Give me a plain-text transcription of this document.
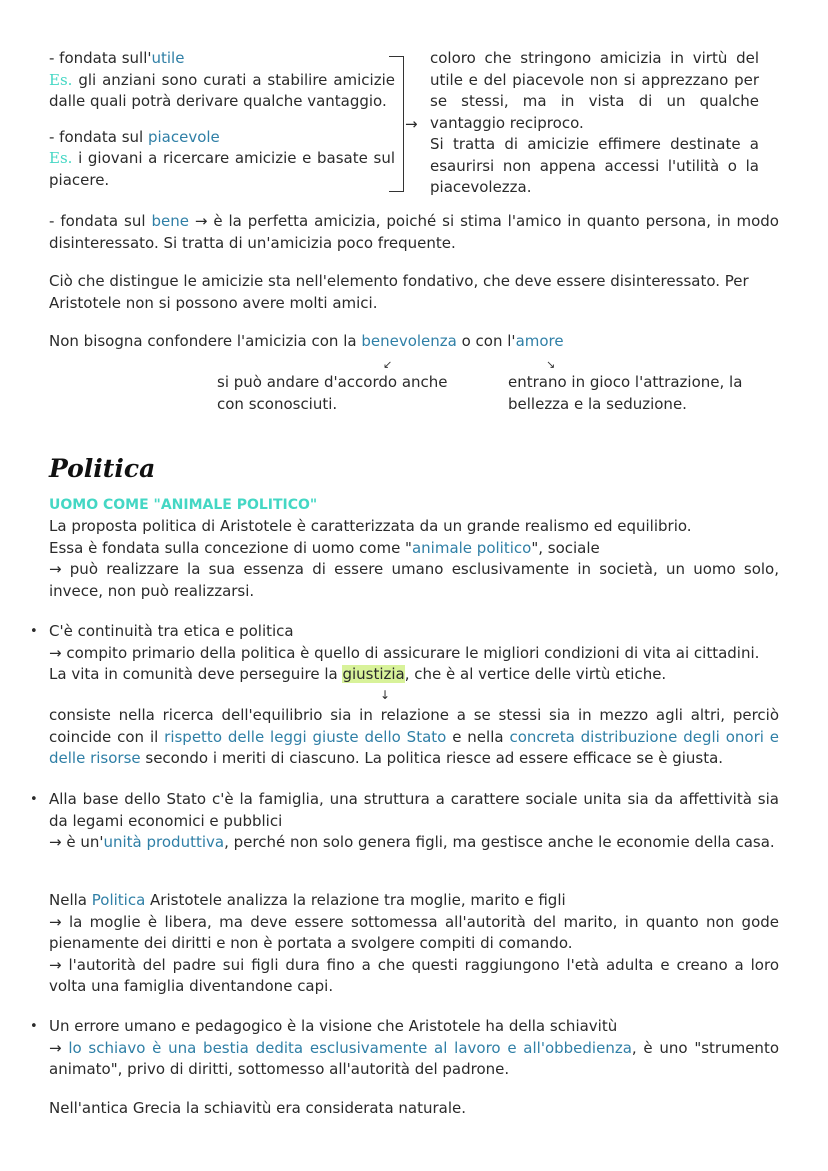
- fondata sull'utile
Es. gli anziani sono curati a stabilire amicizie dalle quali potrà derivare qualche vantaggio.

- fondata sul piacevole
Es. i giovani a ricercare amicizie e basate sul piacere.

→

coloro che stringono amicizia in virtù del utile e del piacevole non si apprezzano per se stessi, ma in vista di un qualche vantaggio reciproco.

Si tratta di amicizie effimere destinate a esaurirsi non appena accessi l'utilità o la piacevolezza.

- fondata sul bene → è la perfetta amicizia, poiché si stima l'amico in quanto persona, in modo disinteressato. Si tratta di un'amicizia poco frequente.

Ciò che distingue le amicizie sta nell'elemento fondativo, che deve essere disinteressato. Per Aristotele non si possono avere molti amici.

Non bisogna confondere l'amicizia con la benevolenza o con l'amore

↙	↘

si può andare d'accordo anche con sconosciuti.

entrano in gioco l'attrazione, la bellezza e la seduzione.

Politica
UOMO COME "ANIMALE POLITICO"

La proposta politica di Aristotele è caratterizzata da un grande realismo ed equilibrio.

Essa è fondata sulla concezione di uomo come "animale politico", sociale

→ può realizzare la sua essenza di essere umano esclusivamente in società, un uomo solo, invece, non può realizzarsi.

• C'è continuità tra etica e politica

→ compito primario della politica è quello di assicurare le migliori condizioni di vita ai cittadini.

La vita in comunità deve perseguire la giustizia, che è al vertice delle virtù etiche.

↓

consiste nella ricerca dell'equilibrio sia in relazione a se stessi sia in mezzo agli altri, perciò coincide con il rispetto delle leggi giuste dello Stato e nella concreta distribuzione degli onori e delle risorse secondo i meriti di ciascuno. La politica riesce ad essere efficace se è giusta.

• Alla base dello Stato c'è la famiglia, una struttura a carattere sociale unita sia da affettività sia da legami economici e pubblici

→ è un'unità produttiva, perché non solo genera figli, ma gestisce anche le economie della casa.

Nella Politica Aristotele analizza la relazione tra moglie, marito e figli

→ la moglie è libera, ma deve essere sottomessa all'autorità del marito, in quanto non gode pienamente dei diritti e non è portata a svolgere compiti di comando.

→ l'autorità del padre sui figli dura fino a che questi raggiungono l'età adulta e creano a loro volta una famiglia diventandone capi.

• Un errore umano e pedagogico è la visione che Aristotele ha della schiavitù

→ lo schiavo è una bestia dedita esclusivamente al lavoro e all'obbedienza, è uno "strumento animato", privo di diritti, sottomesso all'autorità del padrone.

Nell'antica Grecia la schiavitù era considerata naturale.
